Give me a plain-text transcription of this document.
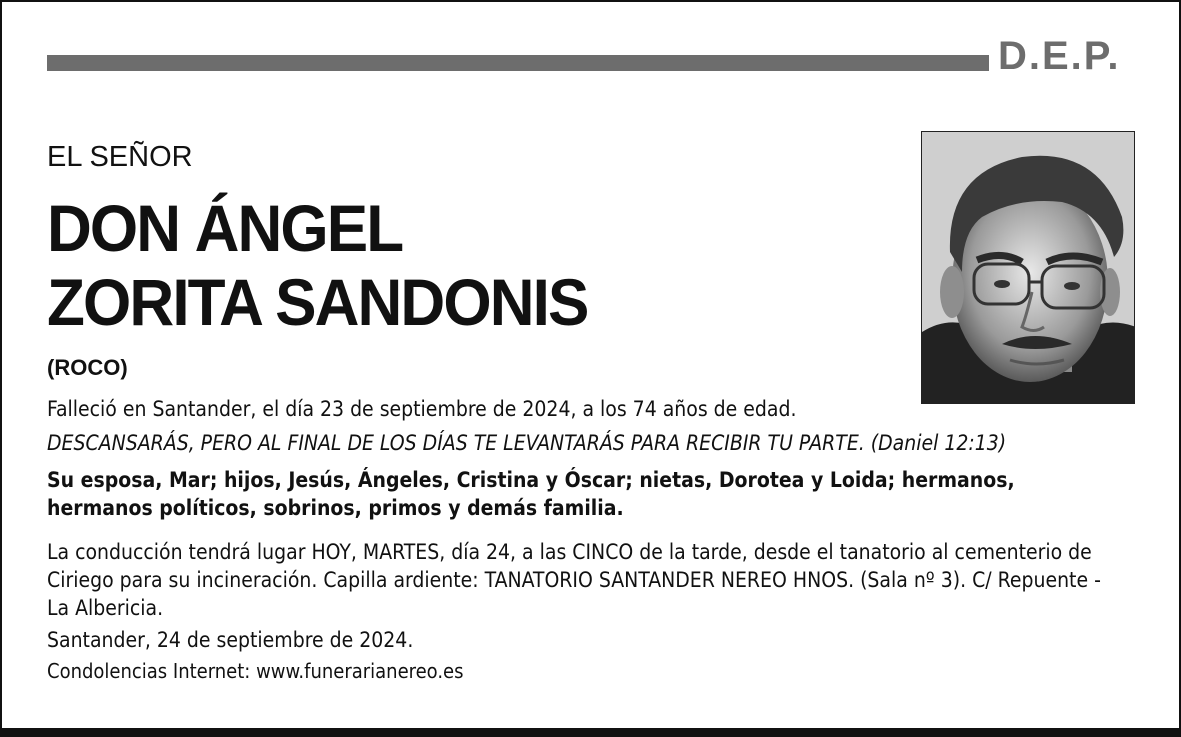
D.E.P.
EL SEÑOR
DON ÁNGEL
ZORITA SANDONIS
(ROCO)
Falleció en Santander, el día 23 de septiembre de 2024, a los 74 años de edad.
DESCANSARÁS, PERO AL FINAL DE LOS DÍAS TE LEVANTARÁS PARA RECIBIR TU PARTE. (Daniel 12:13)
Su esposa, Mar; hijos, Jesús, Ángeles, Cristina y Óscar; nietas, Dorotea y Loida; hermanos, hermanos políticos, sobrinos, primos y demás familia.
La conducción tendrá lugar HOY, MARTES, día 24, a las CINCO de la tarde, desde el tanatorio al cementerio de Ciriego para su incineración. Capilla ardiente: TANATORIO SANTANDER NEREO HNOS. (Sala nº 3). C/ Repuente - La Albericia.
Santander, 24 de septiembre de 2024.
Condolencias Internet: www.funerarianereo.es
